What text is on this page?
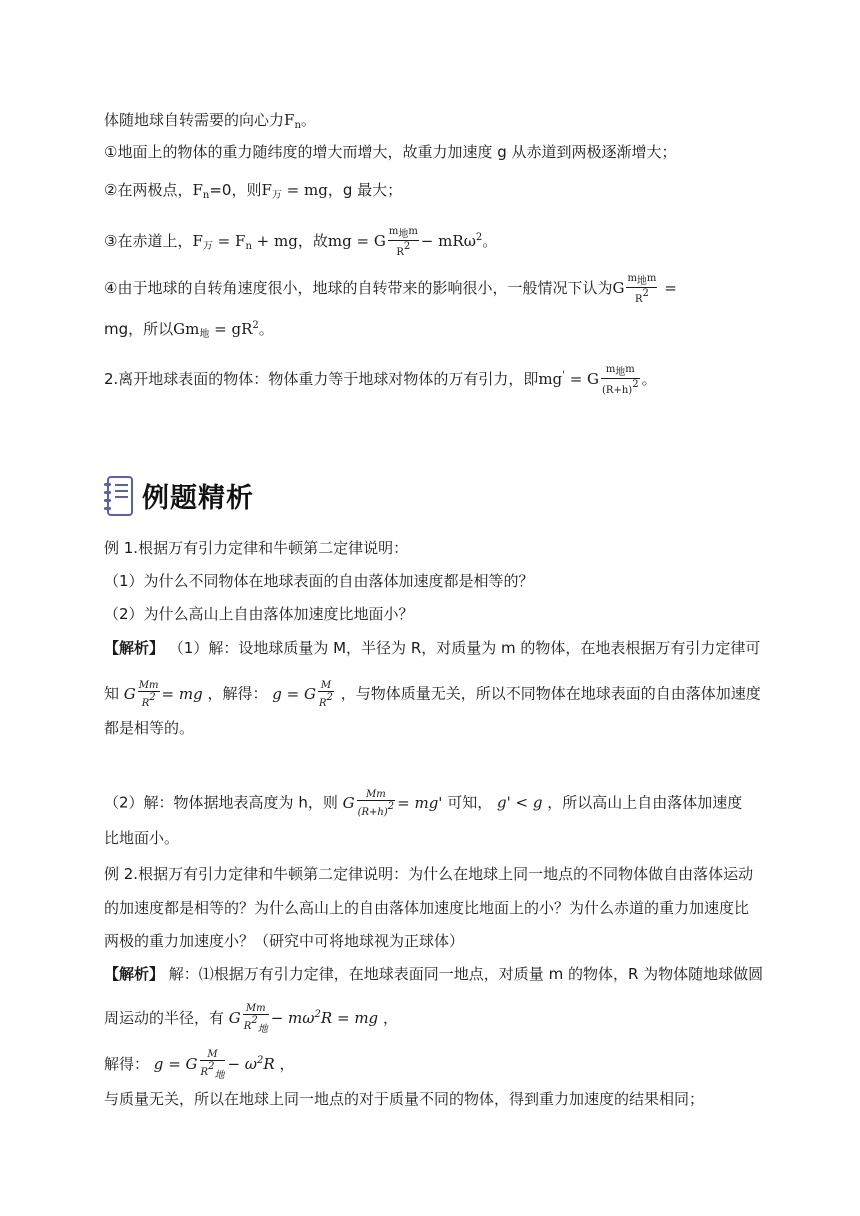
体随地球自转需要的向心力$F_n$。
①地面上的物体的重力随纬度的增大而增大，故重力加速度 g 从赤道到两极逐渐增大；
②在两极点，$F_n=0$，则$F_万$ = mg，g 最大；
③在赤道上，$F_万 = F_n$ + mg，故mg = G $\frac{\text{m地m}}{R2} - mR\omega^2$。
④由于地球的自转角速度很小，地球的自转带来的影响很小，一般情况下认为G $\frac{\text{m地m}}{R2}$ =
mg，所以$Gm_地 = gR^2$。
2.离开地球表面的物体：物体重力等于地球对物体的万有引力，即mg' = G $\frac{\text{m地m}}{(R+h)2}$ 。
例题精析
例 1.根据万有引力定律和牛顿第二定律说明：
（1）为什么不同物体在地球表面的自由落体加速度都是相等的？
（2）为什么高山上自由落体加速度比地面小？
【解析】 （1）解：设地球质量为 M，半径为 R，对质量为 m 的物体，在地表根据万有引力定律可
知 G $\frac{Mm}{R2}$ = mg ，解得： g = G $\frac{M}{R2}$ ，与物体质量无关，所以不同物体在地球表面的自由落体加速度
都是相等的。
（2）解：物体据地表高度为 h，则 G $\frac{Mm}{\text{(R+ℎ)2}} = mg'$ 可知， g' < g ，所以高山上自由落体加速度
比地面小。
例 2.根据万有引力定律和牛顿第二定律说明：为什么在地球上同一地点的不同物体做自由落体运动
的加速度都是相等的？为什么高山上的自由落体加速度比地面上的小？为什么赤道的重力加速度比
两极的重力加速度小？（研究中可将地球视为正球体）
【解析】 解：⑴根据万有引力定律，在地球表面同一地点，对质量 m 的物体，R 为物体随地球做圆
周运动的半径，有 G $\frac{Mm}{\text{R2地}} - m\omega^2R$ = mg ，
解得： g = G $\frac{M}{\text{R2地}} - \omega^2R$ ，
与质量无关，所以在地球上同一地点的对于质量不同的物体，得到重力加速度的结果相同；
